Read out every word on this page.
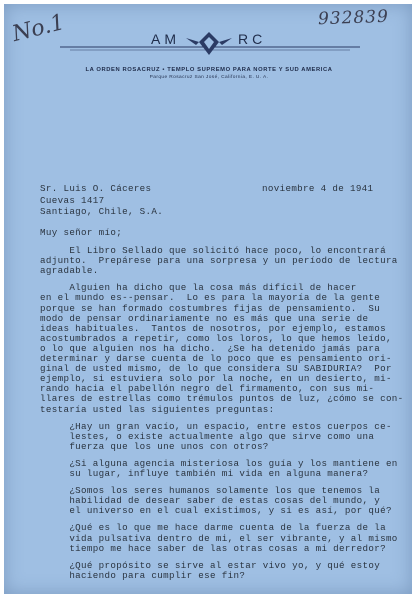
No.1	932839
AM	RC
LA ORDEN ROSACRUZ • TEMPLO SUPREMO PARA NORTE Y SUD AMERICA
Parque Rosacruz San José, California, E. U. A.
noviembre 4 de 1941
Sr. Luis O. Cáceres
Cuevas 1417
Santiago, Chile, S.A.
Muy señor mío;
El Libro Sellado que solicitó hace poco, lo encontrará
adjunto.  Prepárese para una sorpresa y un período de lectura
agradable.
Alguien ha dicho que la cosa más difícil de hacer
en el mundo es--pensar.  Lo es para la mayoría de la gente
porque se han formado costumbres fijas de pensamiento.  Su
modo de pensar ordinariamente no es más que una serie de
ideas habituales.  Tantos de nosotros, por ejemplo, estamos
acostumbrados a repetir, como los loros, lo que hemos leído,
o lo que alguien nos ha dicho.  ¿Se ha detenido jamás para
determinar y darse cuenta de lo poco que es pensamiento ori-
ginal de usted mismo, de lo que considera SU SABIDURIA?  Por
ejemplo, si estuviera solo por la noche, en un desierto, mi-
rando hacia el pabellón negro del firmamento, con sus mi-
llares de estrellas como trémulos puntos de luz, ¿cómo se con-
testaría usted las siguientes preguntas:
¿Hay un gran vacío, un espacio, entre estos cuerpos ce-
lestes, o existe actualmente algo que sirve como una
fuerza que los une unos con otros?
¿Si alguna agencia misteriosa los guía y los mantiene en
su lugar, influye también mi vida en alguna manera?
¿Somos los seres humanos solamente los que tenemos la
habilidad de desear saber de estas cosas del mundo, y
el universo en el cual existimos, y si es así, por qué?
¿Qué es lo que me hace darme cuenta de la fuerza de la
vida pulsativa dentro de mi, el ser vibrante, y al mismo
tiempo me hace saber de las otras cosas a mi derredor?
¿Qué propósito se sirve al estar vivo yo, y qué estoy
haciendo para cumplir ese fin?
